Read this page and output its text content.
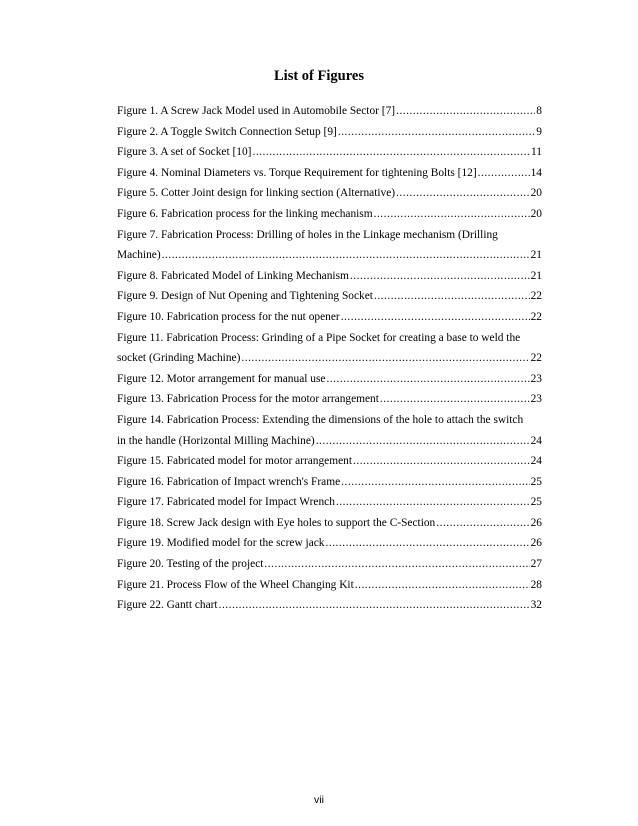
List of Figures
Figure 1. A Screw Jack Model used in Automobile Sector [7] .....	8
Figure 2. A Toggle Switch Connection Setup [9] .....	9
Figure 3. A set of Socket [10] .....	11
Figure 4. Nominal Diameters vs. Torque Requirement for tightening Bolts [12] .....	14
Figure 5. Cotter Joint design for linking section (Alternative) .....	20
Figure 6. Fabrication process for the linking mechanism .....	20
Figure 7. Fabrication Process: Drilling of holes in the Linkage mechanism (Drilling
Machine) .....	21
Figure 8. Fabricated Model of Linking Mechanism .....	21
Figure 9. Design of Nut Opening and Tightening Socket .....	22
Figure 10. Fabrication process for the nut opener .....	22
Figure 11. Fabrication Process: Grinding of a Pipe Socket for creating a base to weld the
socket (Grinding Machine) .....	22
Figure 12. Motor arrangement for manual use .....	23
Figure 13. Fabrication Process for the motor arrangement .....	23
Figure 14. Fabrication Process: Extending the dimensions of the hole to attach the switch
in the handle (Horizontal Milling Machine) .....	24
Figure 15. Fabricated model for motor arrangement .....	24
Figure 16. Fabrication of Impact wrench's Frame .....	25
Figure 17. Fabricated model for Impact Wrench .....	25
Figure 18. Screw Jack design with Eye holes to support the C-Section .....	26
Figure 19. Modified model for the screw jack .....	26
Figure 20. Testing of the project .....	27
Figure 21. Process Flow of the Wheel Changing Kit .....	28
Figure 22. Gantt chart .....	32

vii
